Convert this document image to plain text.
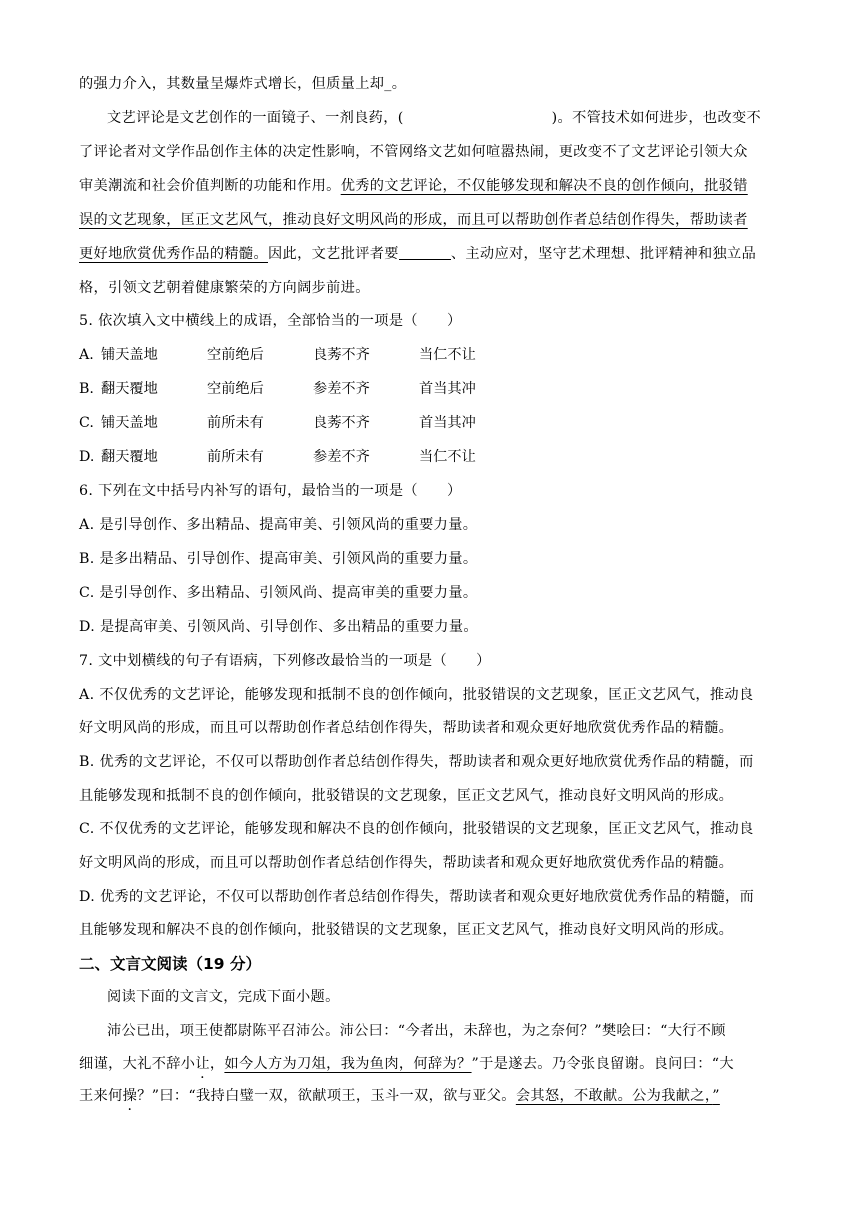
的强力介入，其数量呈爆炸式增长，但质量上却_。
文艺评论是文艺创作的一面镜子、一剂良药，(	)。不管技术如何进步，也改变不
了评论者对文学作品创作主体的决定性影响，不管网络文艺如何喧嚣热闹，更改变不了文艺评论引领大众
审美潮流和社会价值判断的功能和作用。优秀的文艺评论，不仅能够发现和解决不良的创作倾向，批驳错
误的文艺现象，匡正文艺风气，推动良好文明风尚的形成，而且可以帮助创作者总结创作得失，帮助读者
更好地欣赏优秀作品的精髓。因此，文艺批评者要	、主动应对，坚守艺术理想、批评精神和独立品
格，引领文艺朝着健康繁荣的方向阔步前进。
5. 依次填入文中横线上的成语，全部恰当的一项是（　　）
A. 铺天盖地	空前绝后	良莠不齐	当仁不让
B. 翻天覆地	空前绝后	参差不齐	首当其冲
C. 铺天盖地	前所未有	良莠不齐	首当其冲
D. 翻天覆地	前所未有	参差不齐	当仁不让
6. 下列在文中括号内补写的语句，最恰当的一项是（　　）
A. 是引导创作、多出精品、提高审美、引领风尚的重要力量。
B. 是多出精品、引导创作、提高审美、引领风尚的重要力量。
C. 是引导创作、多出精品、引领风尚、提高审美的重要力量。
D. 是提高审美、引领风尚、引导创作、多出精品的重要力量。
7. 文中划横线的句子有语病，下列修改最恰当的一项是（　　）
A. 不仅优秀的文艺评论，能够发现和抵制不良的创作倾向，批驳错误的文艺现象，匡正文艺风气，推动良
好文明风尚的形成，而且可以帮助创作者总结创作得失，帮助读者和观众更好地欣赏优秀作品的精髓。
B. 优秀的文艺评论，不仅可以帮助创作者总结创作得失，帮助读者和观众更好地欣赏优秀作品的精髓，而
且能够发现和抵制不良的创作倾向，批驳错误的文艺现象，匡正文艺风气，推动良好文明风尚的形成。
C. 不仅优秀的文艺评论，能够发现和解决不良的创作倾向，批驳错误的文艺现象，匡正文艺风气，推动良
好文明风尚的形成，而且可以帮助创作者总结创作得失，帮助读者和观众更好地欣赏优秀作品的精髓。
D. 优秀的文艺评论，不仅可以帮助创作者总结创作得失，帮助读者和观众更好地欣赏优秀作品的精髓，而
且能够发现和解决不良的创作倾向，批驳错误的文艺现象，匡正文艺风气，推动良好文明风尚的形成。
二、文言文阅读（19 分）
阅读下面的文言文，完成下面小题。
沛公已出，项王使都尉陈平召沛公。沛公曰：“今者出，未辞也，为之奈何？”樊哙曰：“大行不顾
细谨，大礼不辞小让，如今人方为刀俎，我为鱼肉，何辞为？”于是遂去。乃令张良留谢。良问曰：“大
王来何操？”曰：“我持白璧一双，欲献项王，玉斗一双，欲与亚父。会其怒，不敢献。公为我献之，”
